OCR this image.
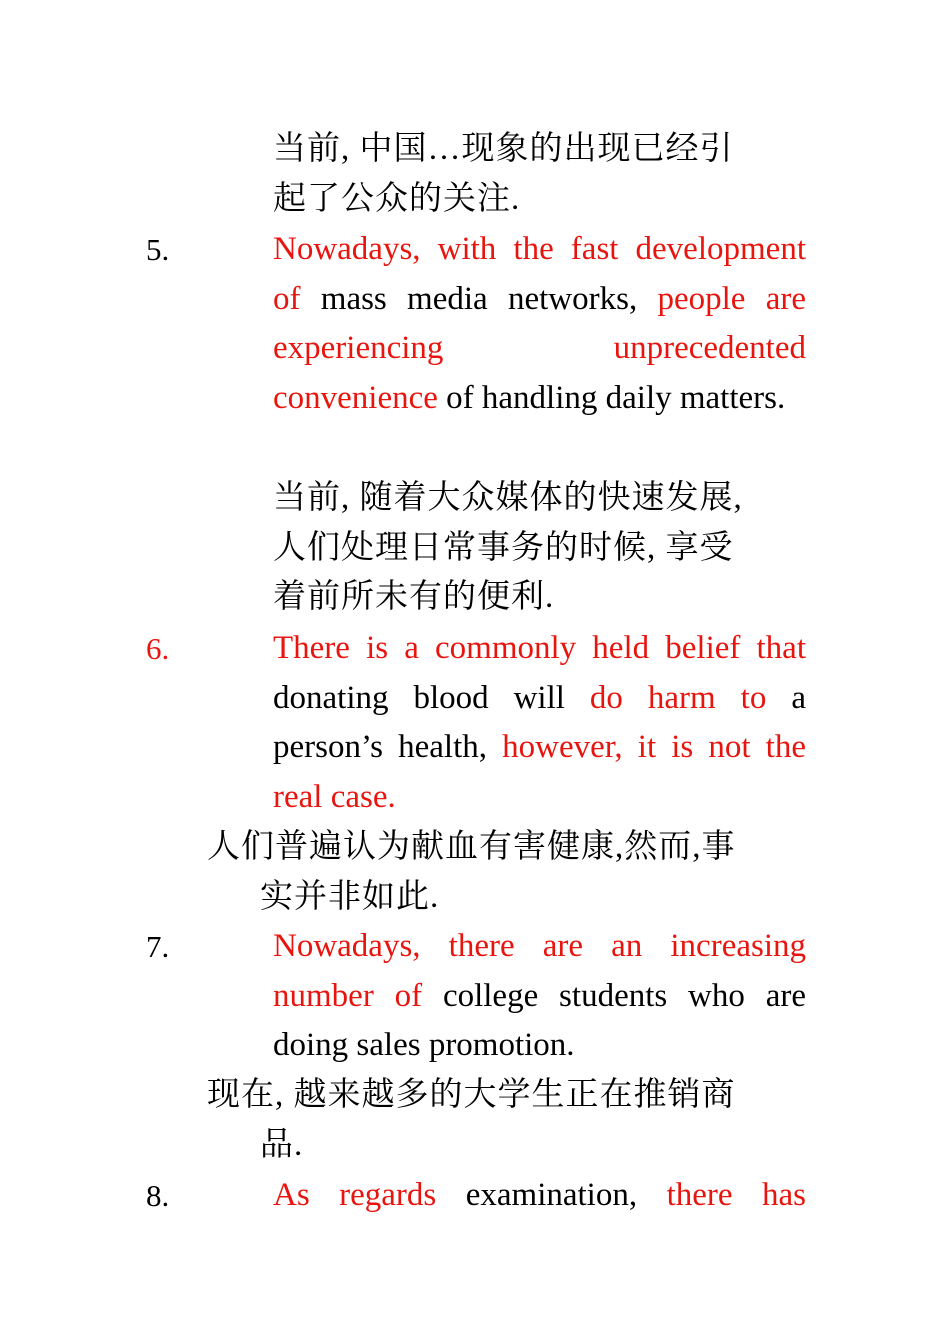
当前, 中国…现象的出现已经引
起了公众的关注.
5.	Nowadays, with the fast development of mass media networks, people are experiencing unprecedented convenience of handling daily matters.
当前, 随着大众媒体的快速发展,
人们处理日常事务的时候, 享受
着前所未有的便利.
6.	There is a commonly held belief that donating blood will do harm to a person’s health, however, it is not the real case.
人们普遍认为献血有害健康,然而,事
实并非如此.
7.	Nowadays, there are an increasing number of college students who are doing sales promotion.
现在, 越来越多的大学生正在推销商
品.
8.	As regards examination, there has
